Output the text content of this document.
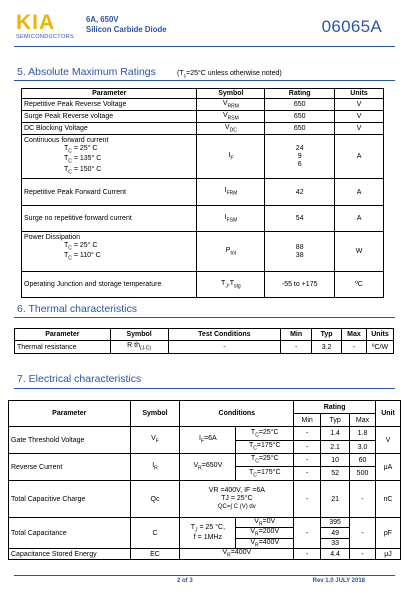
KIA
SEMICONDUCTORS
6A, 650V
Silicon Carbide Diode	06065A
5. Absolute Maximum Ratings	($T_c=25^\circ C$ unless otherwise noted)
Parameter	Symbol	Rating	Units
Repetitive Peak Reverse Voltage	$V_{RRM}$	650	V
Surge Peak Reverse voltage	$V_{RSM}$	650	V
DC Blocking Voltage	$V_{DC}$	650	V

Continuous forward current
$T_C = 25^\circ$ C
$T_C = 135^\circ$ C
$T_C = 150^\circ$ C	$I_F$	24
9
6	A
Repetitive Peak Forward Current	$I_{FRM}$	42	A
Surge no repetitive forward current	$I_{FSM}$	54	A

Power Dissipation
$T_C = 25^\circ$ C
$T_C = 110^\circ$ C	$P_{tot}$	88
38	W
Operating Junction and storage temperature	$T_J,T_{stg}$	-55 to +175	ºC
6. Thermal characteristics
Parameter	Symbol	Test Conditions	Min	Typ	Max	Units
Thermal resistance	R $th_{(J-C)}$	-	-	3.2	-	ºC/W
7. Electrical characteristics
Parameter	Symbol	Conditions		Rating			Unit
				Min	Typ	Max	
Gate Threshold Voltage	$V_F$	$I_F=6A$	$T_C=25^\circ C$	-	1.4	1.8	V
			$T_C=175^\circ C$	-	2.1	3.0	
Reverse Current	$I_R$	$V_R=650V$	$T_C=25^\circ C$	-	10	60	μA
			$T_C=175^\circ C$	-	52	500	
Total Capacitive Charge	Qc	VR =400V, IF =6A
TJ = 25°C
QC=∫ C (V) dv		-	21	-	nC
Total Capacitance	C	$T_J = 25$ °C,
f = 1MHz	$V_R=0V$	-	395	-	pF
			$V_R=200V$		49		
			$V_R=400V$		33		
Capacitance Stored Energy	EC	$V_R=400V$		-	4.4	-	μJ
2 of 3	Rev 1.0 JULY 2018
